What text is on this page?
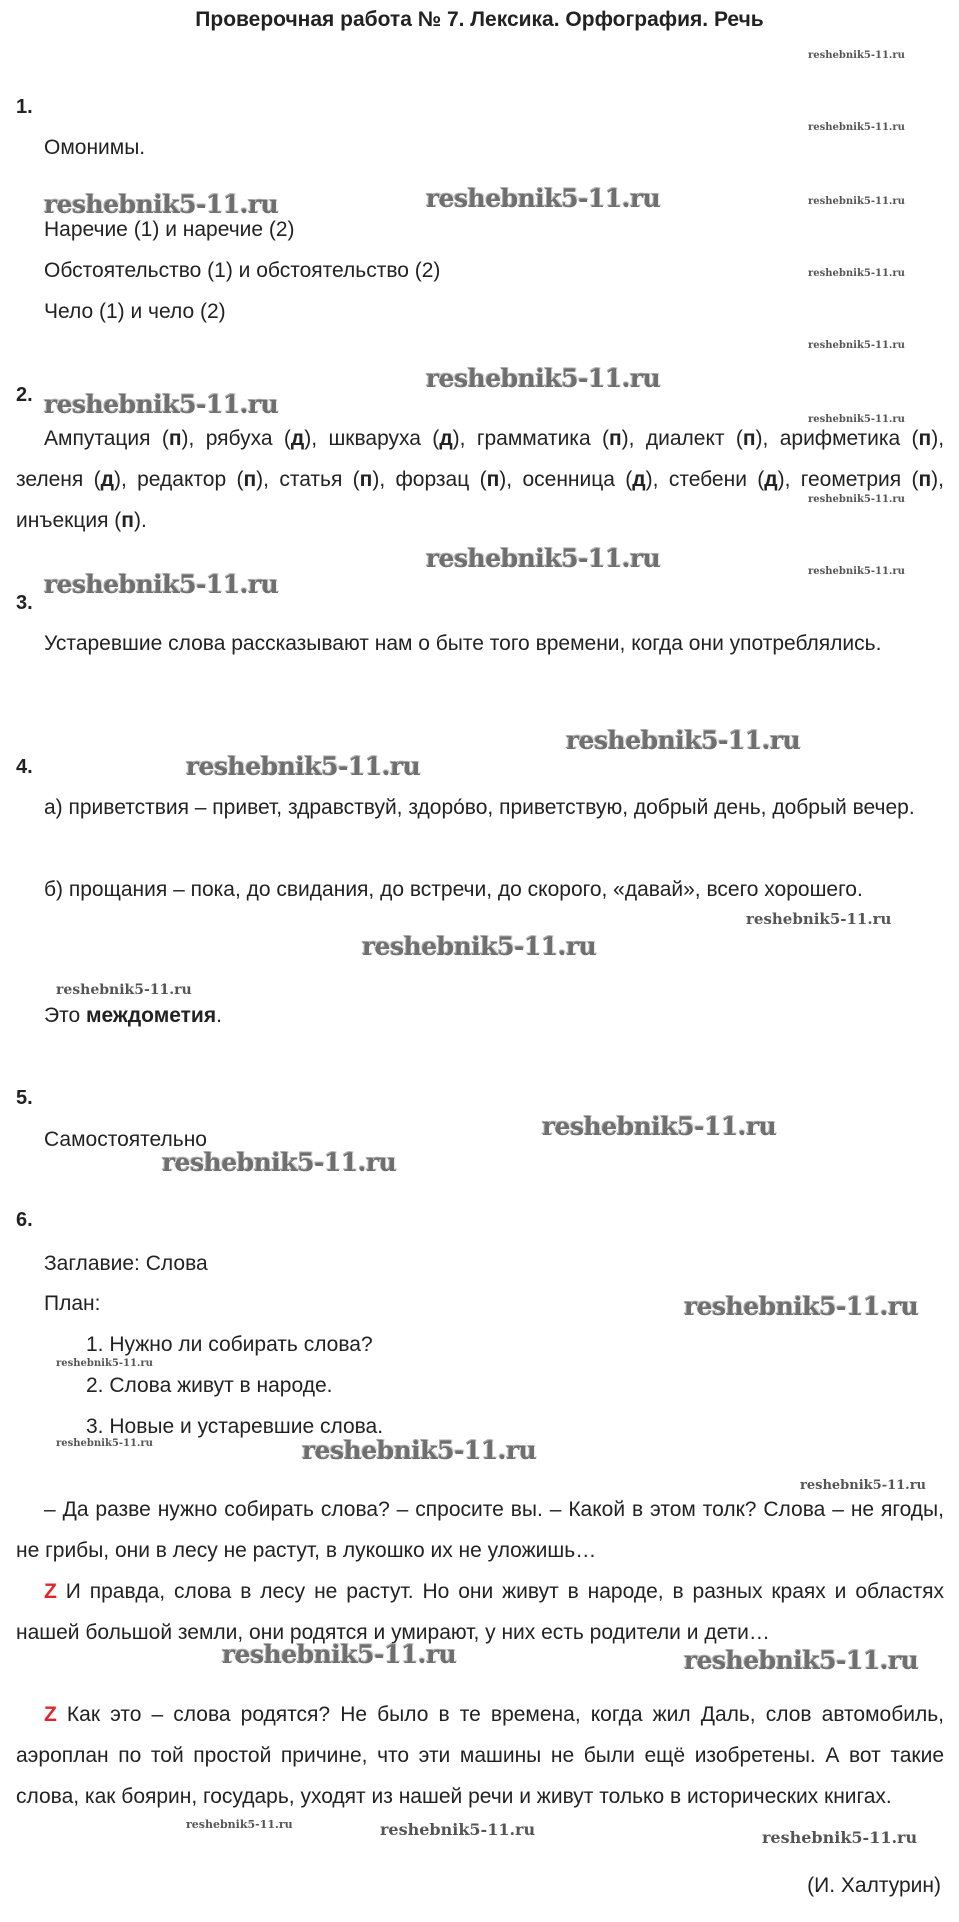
Проверочная работа № 7. Лексика. Орфография. Речь
1.
Омонимы.
Наречие (1) и наречие (2)
Обстоятельство (1) и обстоятельство (2)
Чело (1) и чело (2)
2.
Ампутация (п), рябуха (д), шкваруха (д), грамматика (п), диалект (п), арифметика (п), зеленя (д), редактор (п), статья (п), форзац (п), осенница (д), стебени (д), геометрия (п), инъекция (п).
3.
Устаревшие слова рассказывают нам о быте того времени, когда они употреблялись.
4.
а) приветствия – привет, здравствуй, здоро́во, приветствую, добрый день, добрый вечер.
б) прощания – пока, до свидания, до встречи, до скорого, «давай», всего хорошего.
Это междометия.
5.
Самостоятельно
6.
Заглавие: Слова
План:
1. Нужно ли собирать слова?
2. Слова живут в народе.
3. Новые и устаревшие слова.
– Да разве нужно собирать слова? – спросите вы. – Какой в этом толк? Слова – не ягоды, не грибы, они в лесу не растут, в лукошко их не уложишь…
Z И правда, слова в лесу не растут. Но они живут в народе, в разных краях и областях нашей большой земли, они родятся и умирают, у них есть родители и дети…
Z Как это – слова родятся? Не было в те времена, когда жил Даль, слов автомобиль, аэроплан по той простой причине, что эти машины не были ещё изобретены. А вот такие слова, как боярин, государь, уходят из нашей речи и живут только в исторических книгах.
(И. Халтурин)
reshebnik5-11.ru	reshebnik5-11.ru
reshebnik5-11.ru
reshebnik5-11.ru
reshebnik5-11.ru
reshebnik5-11.ru
reshebnik5-11.ru
reshebnik5-11.ru
reshebnik5-11.ru
reshebnik5-11.ru
reshebnik5-11.ru
reshebnik5-11.ru
reshebnik5-11.ru
reshebnik5-11.ru	reshebnik5-11.ru
reshebnik5-11.ru
reshebnik5-11.ru
reshebnik5-11.ru
reshebnik5-11.ru
reshebnik5-11.ru
reshebnik5-11.ru
reshebnik5-11.ru
reshebnik5-11.ru
reshebnik5-11.ru
reshebnik5-11.ru
reshebnik5-11.ru
reshebnik5-11.ru
reshebnik5-11.ru
reshebnik5-11.ru	reshebnik5-11.ru	reshebnik5-11.ru
